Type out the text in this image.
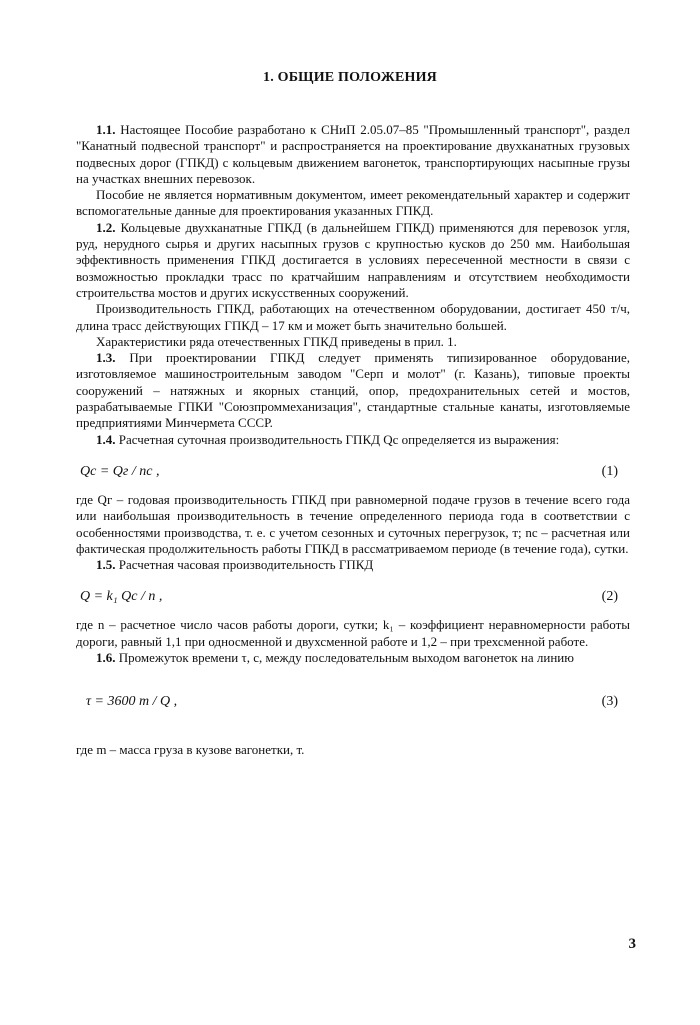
1. ОБЩИЕ ПОЛОЖЕНИЯ

1.1. Настоящее Пособие разработано к СНиП 2.05.07–85 "Промышленный транспорт", раздел "Канатный подвесной транспорт" и распространяется на проектирование двухканатных грузовых подвесных дорог (ГПКД) с кольцевым движением вагонеток, транспортирующих насыпные грузы на участках внешних перевозок.

Пособие не является нормативным документом, имеет рекомендательный характер и содержит вспомогательные данные для проектирования указанных ГПКД.

1.2. Кольцевые двухканатные ГПКД (в дальнейшем ГПКД) применяются для перевозок угля, руд, нерудного сырья и других насыпных грузов с крупностью кусков до 250 мм. Наибольшая эффективность применения ГПКД достигается в условиях пересеченной местности в связи с возможностью прокладки трасс по кратчайшим направлениям и отсутствием необходимости строительства мостов и других искусственных сооружений.

Производительность ГПКД, работающих на отечественном оборудовании, достигает 450 т/ч, длина трасс действующих ГПКД – 17 км и может быть значительно большей.

Характеристики ряда отечественных ГПКД приведены в прил. 1.

1.3. При проектировании ГПКД следует применять типизированное оборудование, изготовляемое машиностроительным заводом "Серп и молот" (г. Казань), типовые проекты сооружений – натяжных и якорных станций, опор, предохранительных сетей и мостов, разрабатываемые ГПКИ "Союзпроммеханизация", стандартные стальные канаты, изготовляемые предприятиями Минчермета СССР.

1.4. Расчетная суточная производительность ГПКД Qс определяется из выражения:

Qс = Qг / nс ,	(1)

где Qг – годовая производительность ГПКД при равномерной подаче грузов в течение всего года или наибольшая производительность в течение определенного периода года в соответствии с особенностями производства, т. е. с учетом сезонных и суточных перегрузок, т; nс – расчетная или фактическая продолжительность работы ГПКД в рассматриваемом периоде (в течение года), сутки.

1.5. Расчетная часовая производительность ГПКД

Q = k₁ Qс / n ,	(2)

где n – расчетное число часов работы дороги, сутки; k₁ – коэффициент неравномерности работы дороги, равный 1,1 при односменной и двухсменной работе и 1,2 – при трехсменной работе.

1.6. Промежуток времени τ, с, между последовательным выходом вагонеток на линию

τ = 3600 m / Q ,	(3)

где m – масса груза в кузове вагонетки, т.

3
